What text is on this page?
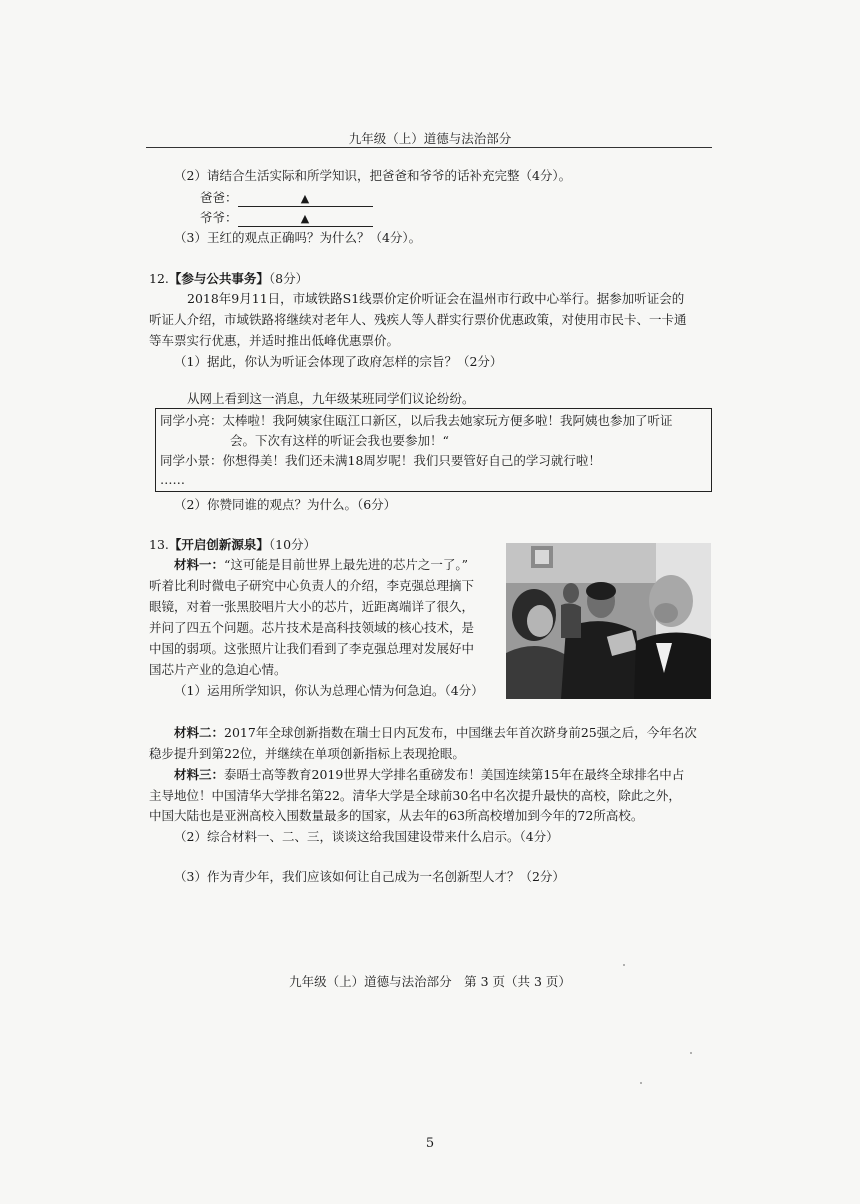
九年级（上）道德与法治部分
（2）请结合生活实际和所学知识，把爸爸和爷爷的话补充完整（4分）。
爸爸：	▲
爷爷：	▲
（3）王红的观点正确吗？为什么？（4分）。
12.【参与公共事务】（8分）
2018年9月11日，市域铁路S1线票价定价听证会在温州市行政中心举行。据参加听证会的
听证人介绍，市域铁路将继续对老年人、残疾人等人群实行票价优惠政策，对使用市民卡、一卡通
等车票实行优惠，并适时推出低峰优惠票价。
（1）据此，你认为听证会体现了政府怎样的宗旨？（2分）
从网上看到这一消息，九年级某班同学们议论纷纷。
同学小亮：太棒啦！我阿姨家住瓯江口新区，以后我去她家玩方便多啦！我阿姨也参加了听证
会。下次有这样的听证会我也要参加！“
同学小景：你想得美！我们还未满18周岁呢！我们只要管好自己的学习就行啦！
……
（2）你赞同谁的观点？为什么。（6分）
13.【开启创新源泉】（10分）
材料一：“这可能是目前世界上最先进的芯片之一了。”
听着比利时微电子研究中心负责人的介绍，李克强总理摘下
眼镜，对着一张黑胶唱片大小的芯片，近距离端详了很久，
并问了四五个问题。芯片技术是高科技领域的核心技术，是
中国的弱项。这张照片让我们看到了李克强总理对发展好中
国芯片产业的急迫心情。
（1）运用所学知识，你认为总理心情为何急迫。（4分）
材料二：2017年全球创新指数在瑞士日内瓦发布，中国继去年首次跻身前25强之后，今年名次
稳步提升到第22位，并继续在单项创新指标上表现抢眼。
材料三：泰晤士高等教育2019世界大学排名重磅发布！美国连续第15年在最终全球排名中占
主导地位！中国清华大学排名第22。清华大学是全球前30名中名次提升最快的高校，除此之外，
中国大陆也是亚洲高校入围数量最多的国家，从去年的63所高校增加到今年的72所高校。
（2）综合材料一、二、三，谈谈这给我国建设带来什么启示。（4分）
（3）作为青少年，我们应该如何让自己成为一名创新型人才？（2分）
九年级（上）道德与法治部分　第 3 页（共 3 页）
5
